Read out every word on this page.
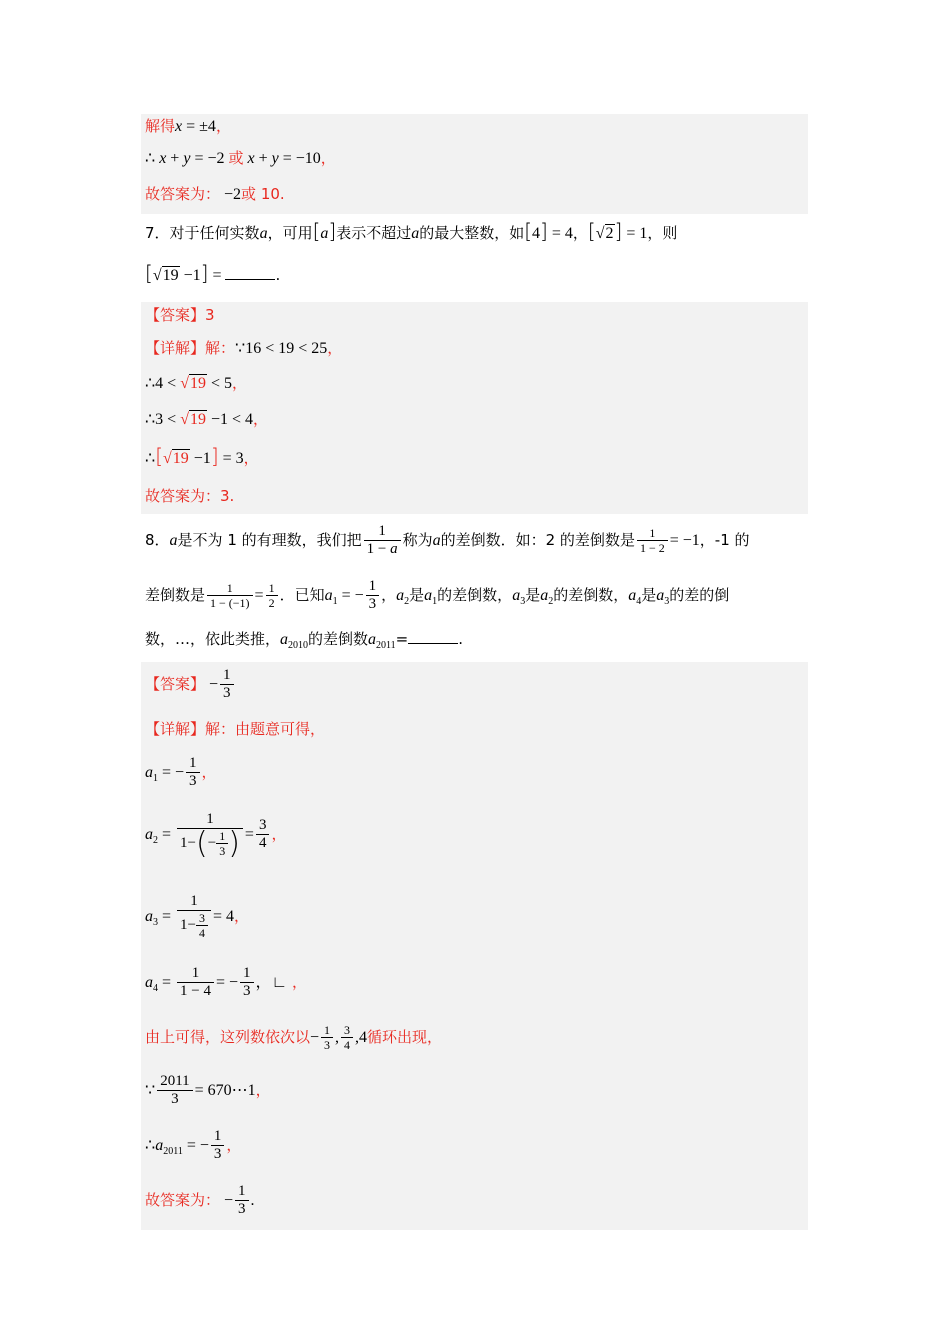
解得x = ±4，
∴ x + y = −2 或 x + y = −10，
故答案为： −2或 10.
7．对于任何实数a，可用[a]表示不超过a的最大整数，如[4] = 4，[√2] = 1，则
[√19 −1] =	.
【答案】3
【详解】解：∵16 < 19 < 25，
∴4 < √19 < 5，
∴3 < √19 −1 < 4，
∴[√19 −1] = 3，
故答案为：3.
8．a是不为 1 的有理数，我们把 $\frac{1}{1 - a}$ 称为a的差倒数．如：2 的差倒数是 $\frac{1}{1 - 2} = -1$，-1 的
差倒数是 $\frac{1}{1 - (-1)} = \frac{1}{2}$ ．已知$a_1$ = − $\frac{1}{3}$ ，$a_2$是$a_1$的差倒数，$a_3$是$a_2$的差倒数，$a_4$是$a_3$的差的倒
数，…，依此类推，$a_{2010}$的差倒数$a_{2011}=$	.
【答案】 − $\frac{1}{3}$
【详解】解：由题意可得，
$a_1$ = − $\frac{1}{3}$ ，
$a_2 = \frac{1}{1-(- \frac{1}{3} )} = \frac{3}{4}$ ，
$a_3 = \frac{1}{1- \frac{3}{4}} = 4$，
$a_4 = \frac{1}{1 - 4}$ = − $\frac{1}{3}$ ，∟ ，
由上可得，这列数依次以− $\frac{1}{3}$ , $\frac{3}{4} ,4$循环出现，
∵ $\frac{2011}{3}$ = 670⋯1，
$\therefore a_{2011}$ = − $\frac{1}{3}$ ，
故答案为： − $\frac{1}{3}$ .
